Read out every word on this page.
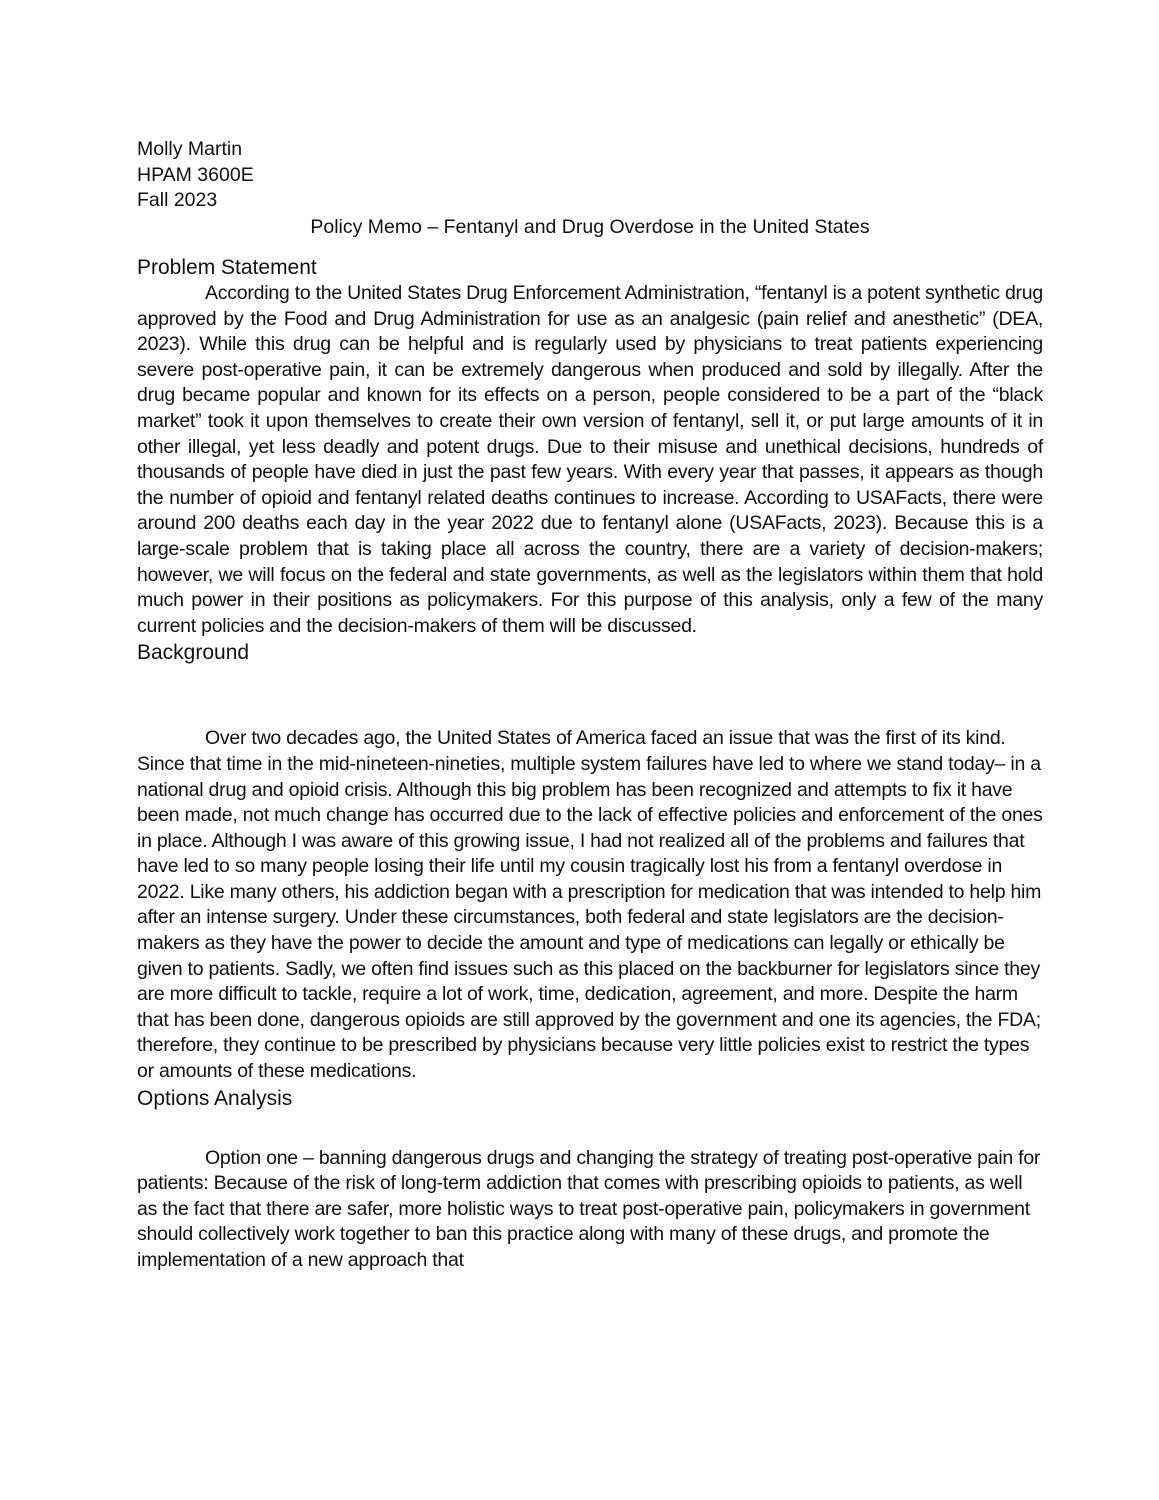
Molly Martin

HPAM 3600E

Fall 2023

Policy Memo – Fentanyl and Drug Overdose in the United States

Problem Statement

According to the United States Drug Enforcement Administration, “fentanyl is a potent synthetic drug approved by the Food and Drug Administration for use as an analgesic (pain relief and anesthetic” (DEA, 2023). While this drug can be helpful and is regularly used by physicians to treat patients experiencing severe post-operative pain, it can be extremely dangerous when produced and sold by illegally. After the drug became popular and known for its effects on a person, people considered to be a part of the “black market” took it upon themselves to create their own version of fentanyl, sell it, or put large amounts of it in other illegal, yet less deadly and potent drugs. Due to their misuse and unethical decisions, hundreds of thousands of people have died in just the past few years. With every year that passes, it appears as though the number of opioid and fentanyl related deaths continues to increase. According to USAFacts, there were around 200 deaths each day in the year 2022 due to fentanyl alone (USAFacts, 2023). Because this is a large-scale problem that is taking place all across the country, there are a variety of decision-makers; however, we will focus on the federal and state governments, as well as the legislators within them that hold much power in their positions as policymakers. For this purpose of this analysis, only a few of the many current policies and the decision-makers of them will be discussed.

Background

Over two decades ago, the United States of America faced an issue that was the first of its kind. Since that time in the mid-nineteen-nineties, multiple system failures have led to where we stand today– in a national drug and opioid crisis. Although this big problem has been recognized and attempts to fix it have been made, not much change has occurred due to the lack of effective policies and enforcement of the ones in place. Although I was aware of this growing issue, I had not realized all of the problems and failures that have led to so many people losing their life until my cousin tragically lost his from a fentanyl overdose in 2022. Like many others, his addiction began with a prescription for medication that was intended to help him after an intense surgery. Under these circumstances, both federal and state legislators are the decision-makers as they have the power to decide the amount and type of medications can legally or ethically be given to patients. Sadly, we often find issues such as this placed on the backburner for legislators since they are more difficult to tackle, require a lot of work, time, dedication, agreement, and more. Despite the harm that has been done, dangerous opioids are still approved by the government and one its agencies, the FDA; therefore, they continue to be prescribed by physicians because very little policies exist to restrict the types or amounts of these medications.

Options Analysis

Option one – banning dangerous drugs and changing the strategy of treating post-operative pain for patients: Because of the risk of long-term addiction that comes with prescribing opioids to patients, as well as the fact that there are safer, more holistic ways to treat post-operative pain, policymakers in government should collectively work together to ban this practice along with many of these drugs, and promote the implementation of a new approach that
